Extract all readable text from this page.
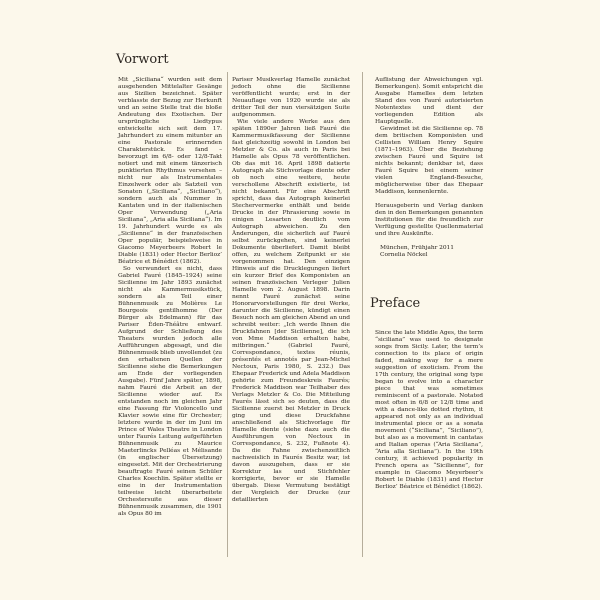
Vorwort
Preface

Mit „Siciliana“ wurden seit dem ausgehenden Mittelalter Gesänge aus Sizilien bezeichnet. Später verblasste der Bezug zur Herkunft und an seine Stelle trat die bloße Andeutung des Exotischen. Der ursprüngliche Liedtypus entwickelte sich seit dem 17. Jahrhundert zu einem mitunter an eine Pastorale erinnernden Charakterstück. Es fand – bevorzugt im 6/8- oder 12/8-Takt notiert und mit einem tänzerisch punktierten Rhythmus versehen – nicht nur als Instrumentales Einzelwerk oder als Satzteil von Sonaten („Siciliana“, „Siciliano“), sondern auch als Nummer in Kantaten und in der italienischen Oper Verwendung („Aria Siciliana“, „Aria alla Siciliana“). Im 19. Jahrhundert wurde es als „Sicilienne“ in der französischen Oper populär, beispielsweise in Giacomo Meyerbeers Robert le Diable (1831) oder Hector Berlioz’ Béatrice et Bénédict (1862).

So verwundert es nicht, dass Gabriel Fauré (1845–1924) seine Sicilienne im Jahr 1893 zunächst nicht als Kammermusikstück, sondern als Teil einer Bühnenmusik zu Molières Le Bourgeois gentilhomme (Der Bürger als Edelmann) für das Pariser Éden-Théâtre entwarf. Aufgrund der Schließung des Theaters wurden jedoch alle Aufführungen abgesagt, und die Bühnenmusik blieb unvollendet (zu den erhaltenen Quellen der Sicilienne siehe die Bemerkungen am Ende der vorliegenden Ausgabe). Fünf Jahre später, 1898, nahm Fauré die Arbeit an der Sicilienne wieder auf. Es entstanden noch im gleichen Jahr eine Fassung für Violoncello und Klavier sowie eine für Orchester; letztere wurde in der im Juni im Prince of Wales Theatre in London unter Faurés Leitung aufgeführten Bühnenmusik zu Maurice Maeterlincks Pelléas et Mélisande (in englischer Übersetzung) eingesetzt. Mit der Orchestrierung beauftragte Fauré seinen Schüler Charles Koechlin. Später stellte er eine in der Instrumentation teilweise leicht überarbeitete Orchestersuite aus dieser Bühnenmusik zusammen, die 1901 als Opus 80 im

Pariser Musikverlag Hamelle zunächst jedoch ohne die Sicilienne veröffentlicht wurde; erst in der Neuauflage von 1920 wurde sie als dritter Teil der nun viersätzigen Suite aufgenommen.

Wie viele andere Werke aus den späten 1890er Jahren ließ Fauré die Kammermusikfassung der Sicilienne fast gleichzeitig sowohl in London bei Metzler & Co. als auch in Paris bei Hamelle als Opus 78 veröffentlichen. Ob das mit 16. April 1898 datierte Autograph als Stichvorlage diente oder ob noch eine weitere, heute verschollene Abschrift existierte, ist nicht bekannt. Für eine Abschrift spricht, dass das Autograph keinerlei Stechervermerke enthält und beide Drucke in der Phrasierung sowie in einigen Lesarten deutlich vom Autograph abweichen. Zu den Änderungen, die sicherlich auf Fauré selbst zurückgehen, sind keinerlei Dokumente überliefert. Damit bleibt offen, zu welchem Zeitpunkt er sie vorgenommen hat. Den einzigen Hinweis auf die Drucklegungen liefert ein kurzer Brief des Komponisten an seinen französischen Verleger Julien Hamelle vom 2. August 1898. Darin nennt Fauré zunächst seine Honorarvorstellungen für drei Werke, darunter die Sicilienne, kündigt einen Besuch noch am gleichen Abend an und schreibt weiter: „Ich werde Ihnen die Druckfahnen [der Sicilienne], die ich von Mme Maddison erhalten habe, mitbringen.“ (Gabriel Fauré, Correspondance, textes réunis, présentés et annotés par Jean-Michel Nectoux, Paris 1980, S. 232.) Das Ehepaar Frederick und Adela Maddison gehörte zum Freundeskreis Faurés; Frederick Maddison war Teilhaber des Verlags Metzler & Co. Die Mitteilung Faurés lässt sich so deuten, dass die Sicilienne zuerst bei Metzler in Druck ging und diese Druckfahne anschließend als Stichvorlage für Hamelle diente (siehe dazu auch die Ausführungen von Nectoux in Correspondance, S. 232, Fußnote 4). Da die Fahne zwischenzeitlich nachweislich in Faurés Besitz war, ist davon auszugehen, dass er sie Korrektur las und Stichfehler korrigierte, bevor er sie Hamelle übergab. Diese Vermutung bestätigt der Vergleich der Drucke (zur detaillierten

Auflistung der Abweichungen vgl. Bemerkungen). Somit entspricht die Ausgabe Hamelles dem letzten Stand des von Fauré autorisierten Notentextes und dient der vorliegenden Edition als Hauptquelle.

Gewidmet ist die Sicilienne op. 78 dem britischen Komponisten und Cellisten William Henry Squire (1871–1963). Über die Beziehung zwischen Fauré und Squire ist nichts bekannt; denkbar ist, dass Fauré Squire bei einem seiner vielen England-Besuche, möglicherweise über das Ehepaar Maddison, kennenlernte.

Herausgeberin und Verlag danken den in den Bemerkungen genannten Institutionen für die freundlich zur Verfügung gestellte Quellenmaterial und ihre Auskünfte.

München, Frühjahr 2011

Cornelia Nöckel

Since the late Middle Ages, the term “siciliana” was used to designate songs from Sicily. Later, the term’s connection to its place of origin faded, making way for a mere suggestion of exoticism. From the 17th century, the original song type began to evolve into a character piece that was sometimes reminiscent of a pastorale. Notated most often in 6/8 or 12/8 time and with a dance-like dotted rhythm, it appeared not only as an individual instrumental piece or as a sonata movement (“Siciliana”, “Siciliano”), but also as a movement in cantatas and Italian operas (“Aria Siciliana”, “Aria alla Siciliana”). In the 19th century, it achieved popularity in French opera as “Sicilienne”, for example in Giacomo Meyerbeer’s Robert le Diable (1831) and Hector Berlioz’ Béatrice et Bénédict (1862).
